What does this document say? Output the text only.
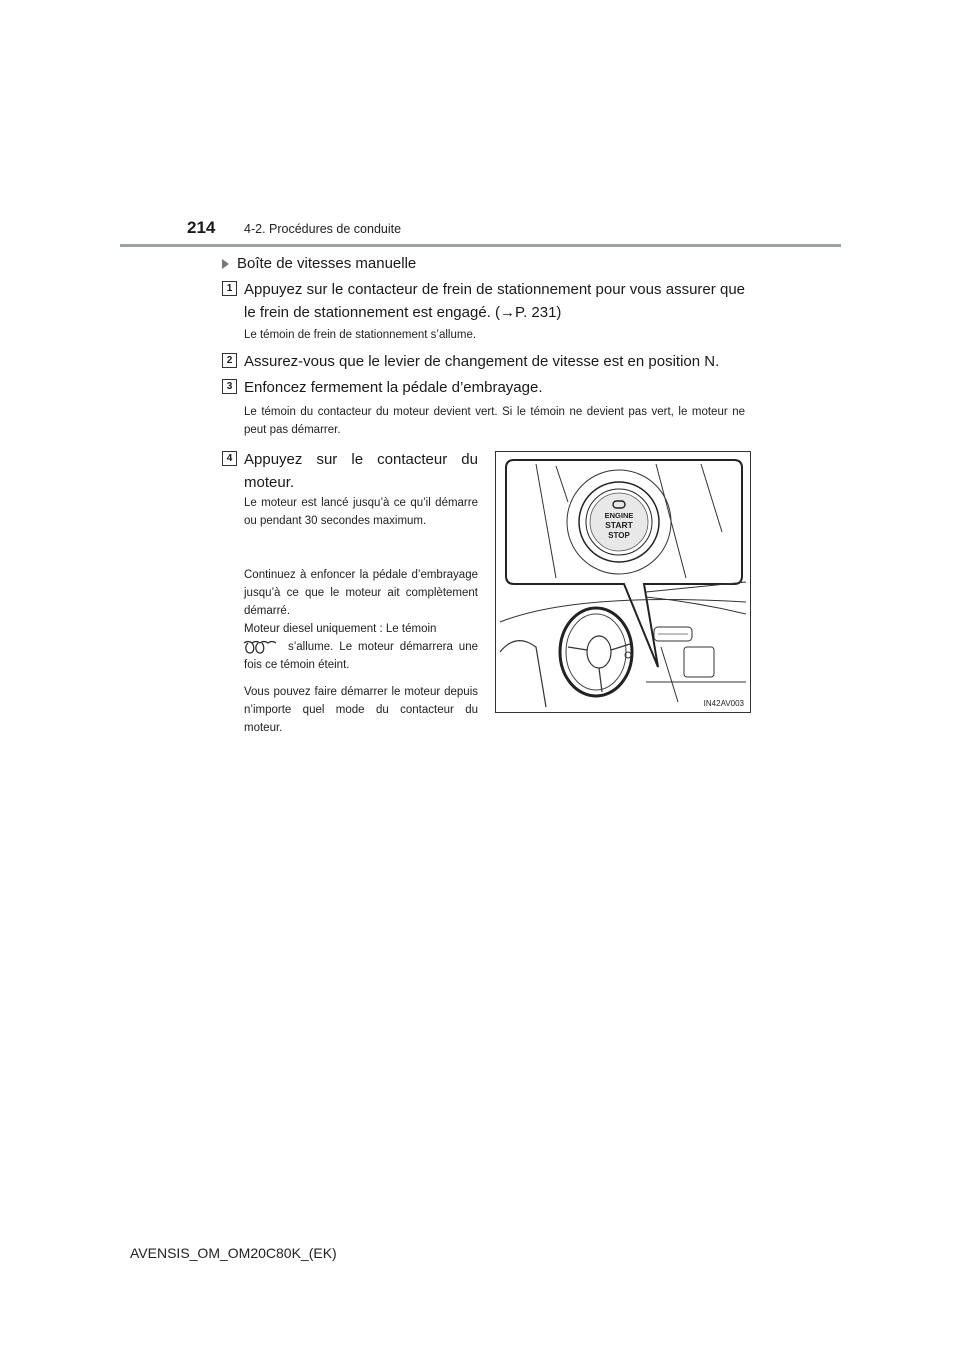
214 4-2. Procédures de conduite
Boîte de vitesses manuelle
1 Appuyez sur le contacteur de frein de stationnement pour vous assurer que le frein de stationnement est engagé. (→P. 231)
Le témoin de frein de stationnement s’allume.
2 Assurez-vous que le levier de changement de vitesse est en position N.
3 Enfoncez fermement la pédale d’embrayage.
Le témoin du contacteur du moteur devient vert. Si le témoin ne devient pas vert, le moteur ne peut pas démarrer.
4 Appuyez sur le contacteur du moteur.
Le moteur est lancé jusqu’à ce qu’il démarre ou pendant 30 secondes maximum.
Continuez à enfoncer la pédale d’embrayage jusqu’à ce que le moteur ait complètement démarré.
Moteur diesel uniquement : Le témoin
s’allume. Le moteur démarrera une fois ce témoin éteint.
Vous pouvez faire démarrer le moteur depuis n’importe quel mode du contacteur du moteur.
ENGINE
START
STOP
IN42AV003
AVENSIS_OM_OM20C80K_(EK)
